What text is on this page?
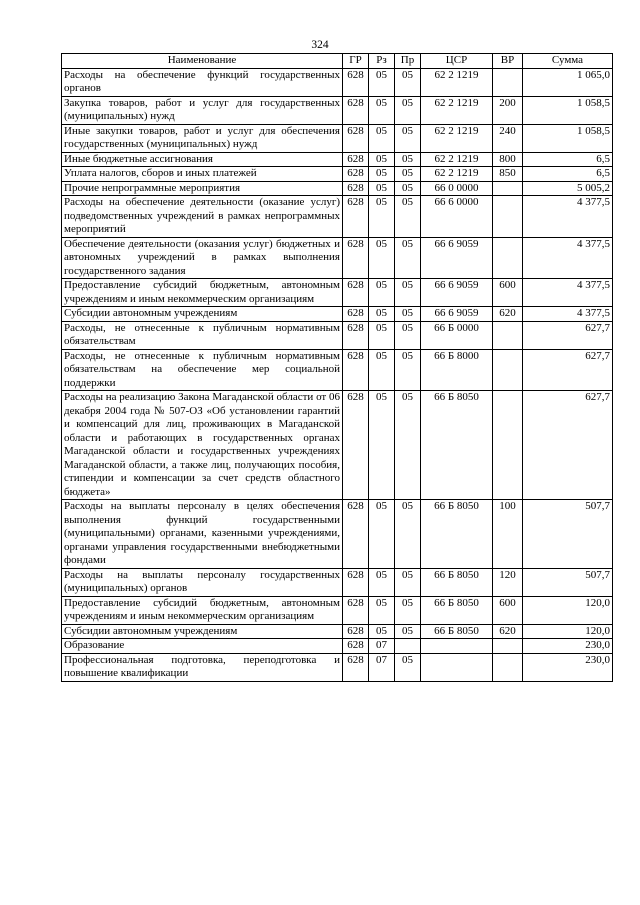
324
Наименование	ГР	Рз	Пр	ЦСР	ВР	Сумма
Расходы на обеспечение функций государственных органов	628	05	05	62 2 1219		1 065,0
Закупка товаров, работ и услуг для государственных (муниципальных) нужд	628	05	05	62 2 1219	200	1 058,5
Иные закупки товаров, работ и услуг для обеспечения государственных (муниципальных) нужд	628	05	05	62 2 1219	240	1 058,5
Иные бюджетные ассигнования	628	05	05	62 2 1219	800	6,5
Уплата налогов, сборов и иных платежей	628	05	05	62 2 1219	850	6,5
Прочие непрограммные мероприятия	628	05	05	66 0 0000		5 005,2
Расходы на обеспечение деятельности (оказание услуг) подведомственных учреждений в рамках непрограммных мероприятий	628	05	05	66 6 0000		4 377,5
Обеспечение деятельности (оказания услуг) бюджетных и автономных учреждений в рамках выполнения государственного задания	628	05	05	66 6 9059		4 377,5
Предоставление субсидий бюджетным, автономным учреждениям и иным некоммерческим организациям	628	05	05	66 6 9059	600	4 377,5
Субсидии автономным учреждениям	628	05	05	66 6 9059	620	4 377,5
Расходы, не отнесенные к публичным нормативным обязательствам	628	05	05	66 Б 0000		627,7
Расходы, не отнесенные к публичным нормативным обязательствам на обеспечение мер социальной поддержки	628	05	05	66 Б 8000		627,7
Расходы на реализацию Закона Магаданской области от 06 декабря 2004 года № 507-ОЗ «Об установлении гарантий и компенсаций для лиц, проживающих в Магаданской области и работающих в государственных органах Магаданской области и государственных учреждениях Магаданской области, а также лиц, получающих пособия, стипендии и компенсации за счет средств областного бюджета»	628	05	05	66 Б 8050		627,7
Расходы на выплаты персоналу в целях обеспечения выполнения функций государственными (муниципальными) органами, казенными учреждениями, органами управления государственными внебюджетными фондами	628	05	05	66 Б 8050	100	507,7
Расходы на выплаты персоналу государственных (муниципальных) органов	628	05	05	66 Б 8050	120	507,7
Предоставление субсидий бюджетным, автономным учреждениям и иным некоммерческим организациям	628	05	05	66 Б 8050	600	120,0
Субсидии автономным учреждениям	628	05	05	66 Б 8050	620	120,0
Образование	628	07				230,0
Профессиональная подготовка, переподготовка и повышение квалификации	628	07	05			230,0
